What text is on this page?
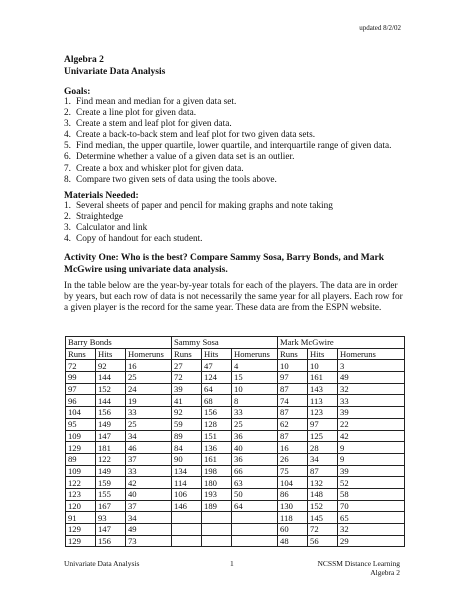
updated 8/2/02
Algebra 2
Univariate Data Analysis
Goals:
1. Find mean and median for a given data set.
2. Create a line plot for given data.
3. Create a stem and leaf plot for given data.
4. Create a back-to-back stem and leaf plot for two given data sets.
5. Find median, the upper quartile, lower quartile, and interquartile range of given data.
6. Determine whether a value of a given data set is an outlier.
7. Create a box and whisker plot for given data.
8. Compare two given sets of data using the tools above.
Materials Needed:
1. Several sheets of paper and pencil for making graphs and note taking
2. Straightedge
3. Calculator and link
4. Copy of handout for each student.
Activity One: Who is the best? Compare Sammy Sosa, Barry Bonds, and Mark McGwire using univariate data analysis.
In the table below are the year-by-year totals for each of the players. The data are in order by years, but each row of data is not necessarily the same year for all players. Each row for a given player is the record for the same year. These data are from the ESPN website.
Barry Bonds			Sammy Sosa			Mark McGwire		
Runs	Hits	Homeruns	Runs	Hits	Homeruns	Runs	Hits	Homeruns
72	92	16	27	47	4	10	10	3
99	144	25	72	124	15	97	161	49
97	152	24	39	64	10	87	143	32
96	144	19	41	68	8	74	113	33
104	156	33	92	156	33	87	123	39
95	149	25	59	128	25	62	97	22
109	147	34	89	151	36	87	125	42
129	181	46	84	136	40	16	28	9
89	122	37	90	161	36	26	34	9
109	149	33	134	198	66	75	87	39
122	159	42	114	180	63	104	132	52
123	155	40	106	193	50	86	148	58
120	167	37	146	189	64	130	152	70
91	93	34				118	145	65
129	147	49				60	72	32
129	156	73				48	56	29
Univariate Data Analysis	1	NCSSM Distance Learning
Algebra 2
